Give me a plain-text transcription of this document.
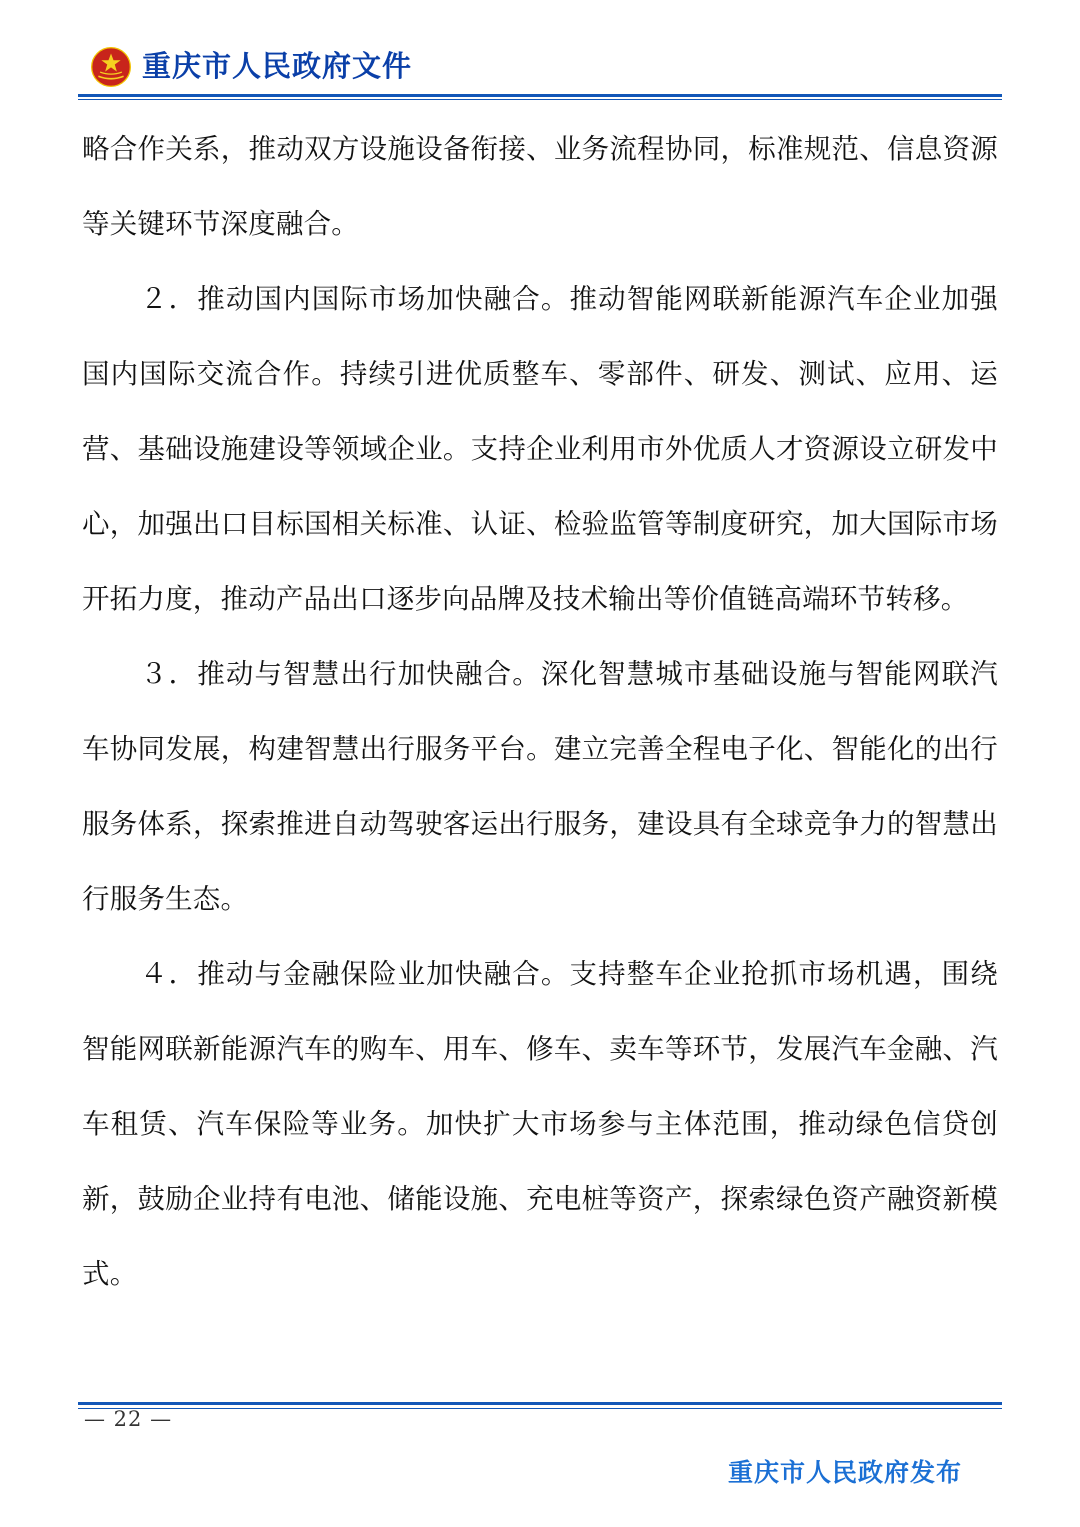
重庆市人民政府文件

略合作关系，推动双方设施设备衔接、业务流程协同，标准规范、信息资源等关键环节深度融合。

２．推动国内国际市场加快融合。推动智能网联新能源汽车企业加强国内国际交流合作。持续引进优质整车、零部件、研发、测试、应用、运营、基础设施建设等领域企业。支持企业利用市外优质人才资源设立研发中心，加强出口目标国相关标准、认证、检验监管等制度研究，加大国际市场开拓力度，推动产品出口逐步向品牌及技术输出等价值链高端环节转移。

３．推动与智慧出行加快融合。深化智慧城市基础设施与智能网联汽车协同发展，构建智慧出行服务平台。建立完善全程电子化、智能化的出行服务体系，探索推进自动驾驶客运出行服务，建设具有全球竞争力的智慧出行服务生态。

４．推动与金融保险业加快融合。支持整车企业抢抓市场机遇，围绕智能网联新能源汽车的购车、用车、修车、卖车等环节，发展汽车金融、汽车租赁、汽车保险等业务。加快扩大市场参与主体范围，推动绿色信贷创新，鼓励企业持有电池、储能设施、充电桩等资产，探索绿色资产融资新模式。

— 22 —
重庆市人民政府发布
